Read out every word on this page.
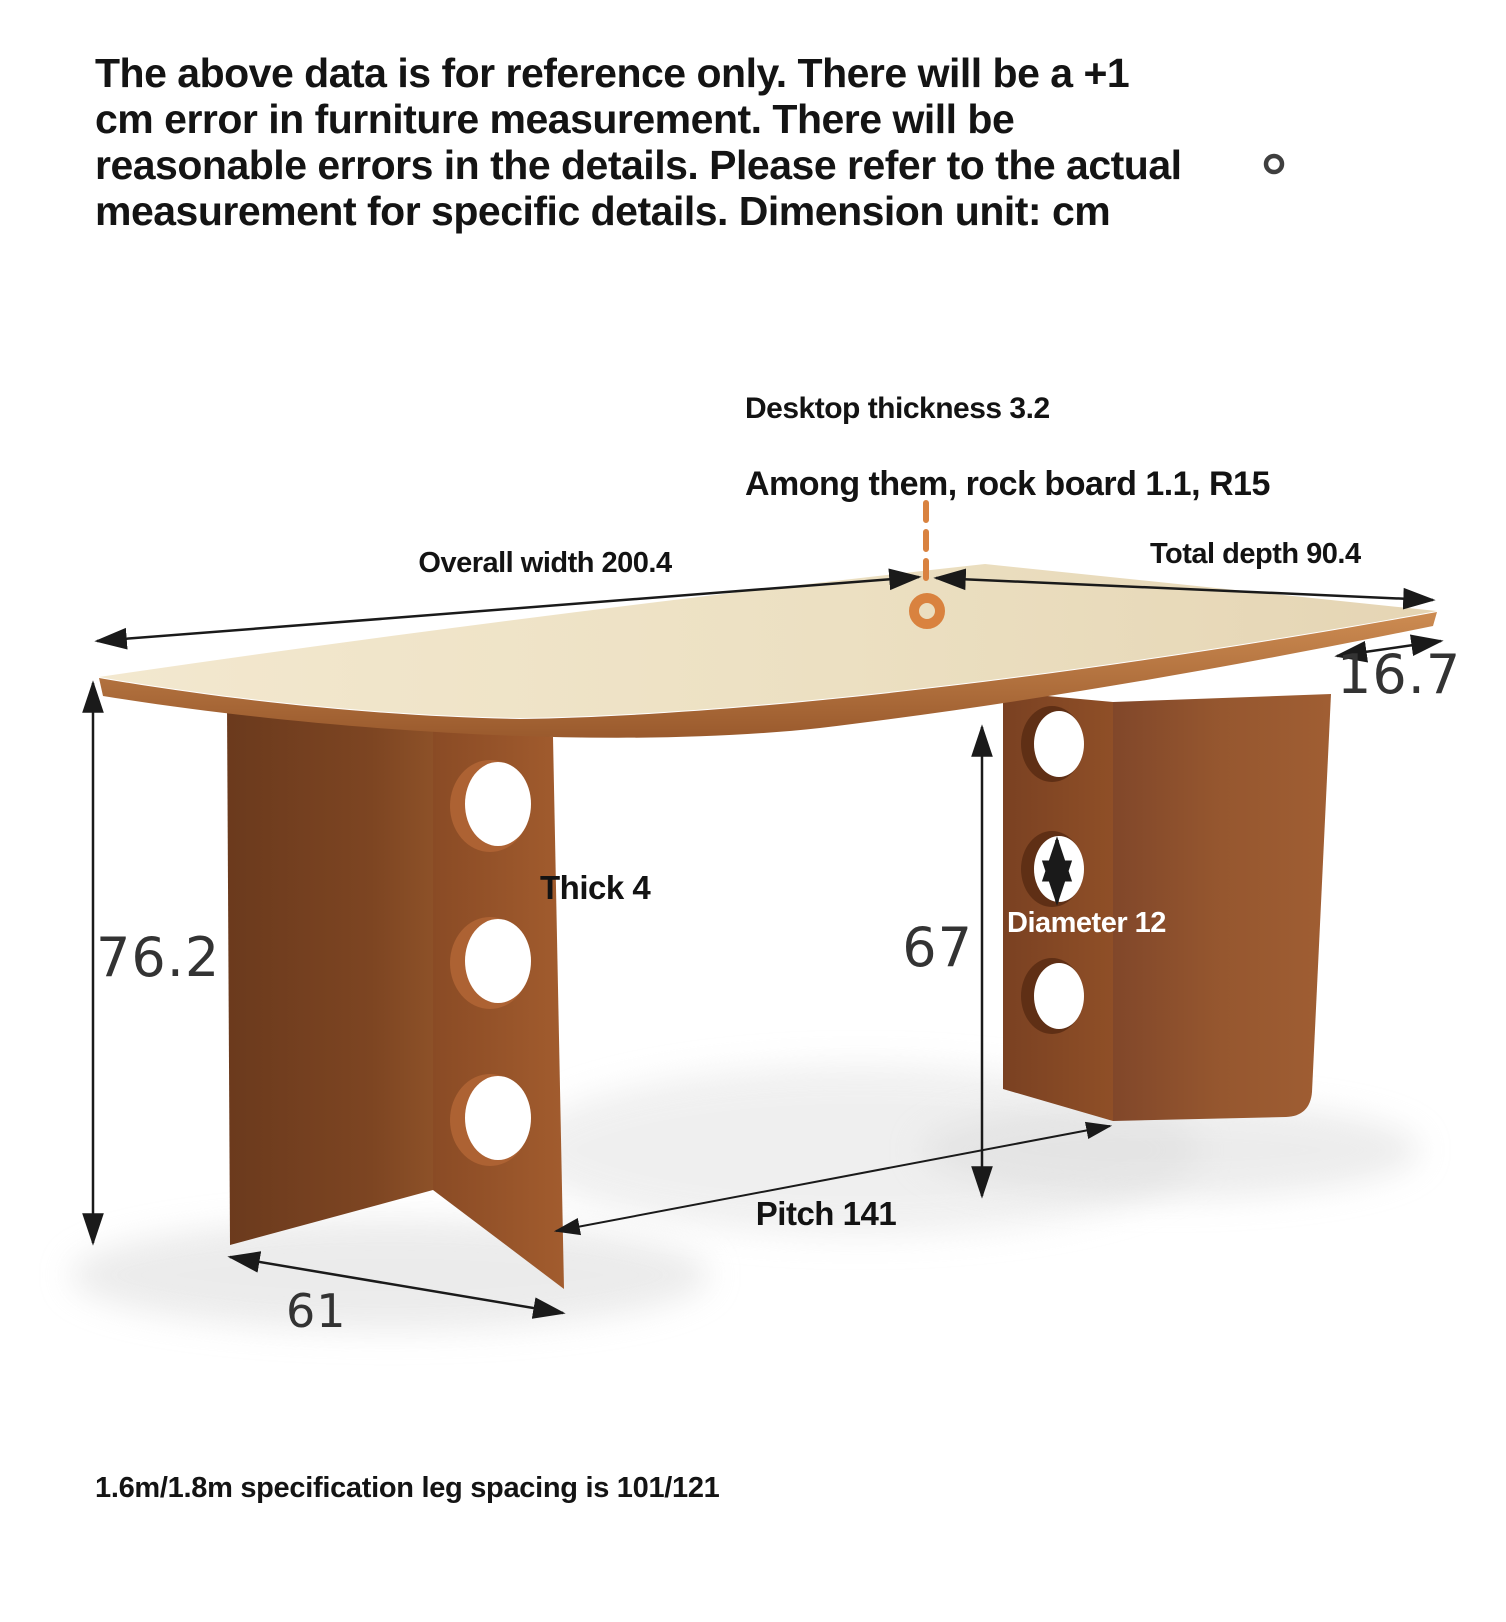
The above data is for reference only. There will be a +1
cm error in furniture measurement. There will be
reasonable errors in the details. Please refer to the actual
measurement for specific details. Dimension unit: cm
Desktop thickness 3.2
Among them, rock board 1.1, R15
Overall width 200.4	Total depth 90.4
Thick 4
Diameter 12
Pitch 141
16.7
76.2	67
61
1.6m/1.8m specification leg spacing is 101/121
